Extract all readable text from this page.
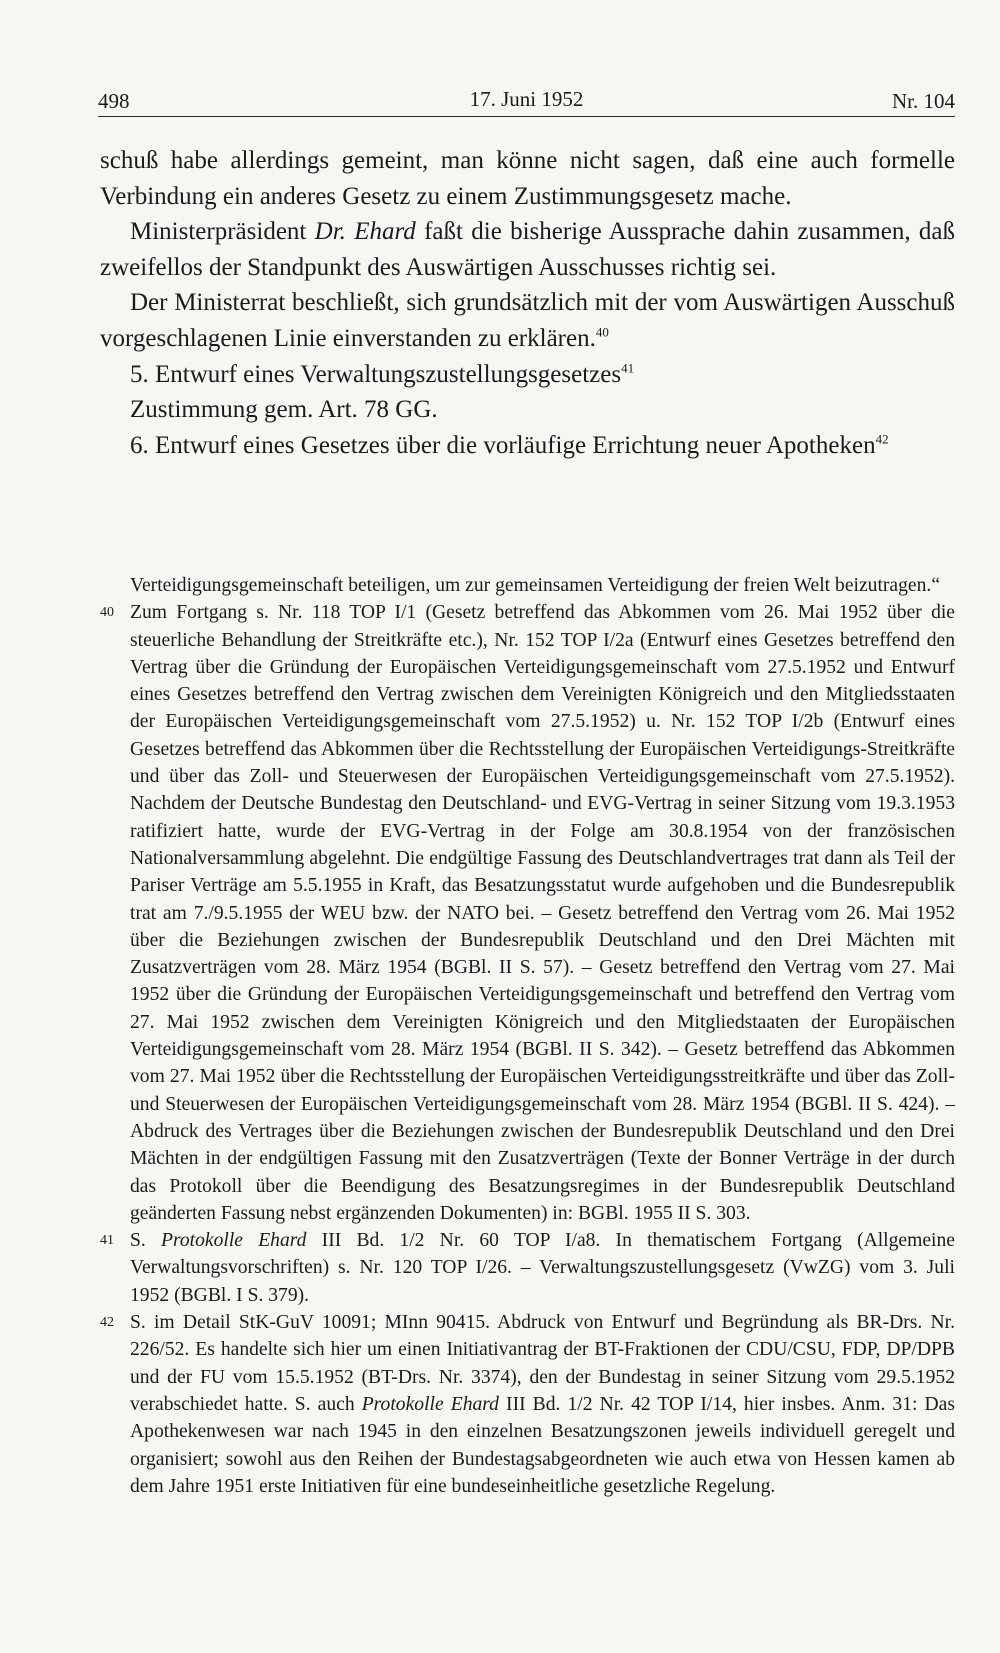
498	17. Juni 1952	Nr. 104

schuß habe allerdings gemeint, man könne nicht sagen, daß eine auch formelle Verbindung ein anderes Gesetz zu einem Zustimmungsgesetz mache.

Ministerpräsident Dr. Ehard faßt die bisherige Aussprache dahin zusammen, daß zweifellos der Standpunkt des Auswärtigen Ausschusses richtig sei.

Der Ministerrat beschließt, sich grundsätzlich mit der vom Auswärtigen Ausschuß vorgeschlagenen Linie einverstanden zu erklären.$^{40}$

5. Entwurf eines Verwaltungszustellungsgesetzes$^{41}$

Zustimmung gem. Art. 78 GG.

6. Entwurf eines Gesetzes über die vorläufige Errichtung neuer Apotheken$^{42}$

Verteidigungsgemeinschaft beteiligen, um zur gemeinsamen Verteidigung der freien Welt beizutragen.“

40 Zum Fortgang s. Nr. 118 TOP I/1 (Gesetz betreffend das Abkommen vom 26. Mai 1952 über die steuerliche Behandlung der Streitkräfte etc.), Nr. 152 TOP I/2a (Entwurf eines Gesetzes betreffend den Vertrag über die Gründung der Europäischen Verteidigungsgemeinschaft vom 27.5.1952 und Entwurf eines Gesetzes betreffend den Vertrag zwischen dem Vereinigten Königreich und den Mitgliedsstaaten der Europäischen Verteidigungsgemeinschaft vom 27.5.1952) u. Nr. 152 TOP I/2b (Entwurf eines Gesetzes betreffend das Abkommen über die Rechtsstellung der Europäischen Verteidigungs-Streitkräfte und über das Zoll- und Steuerwesen der Europäischen Verteidigungsgemeinschaft vom 27.5.1952). Nachdem der Deutsche Bundestag den Deutschland- und EVG-Vertrag in seiner Sitzung vom 19.3.1953 ratifiziert hatte, wurde der EVG-Vertrag in der Folge am 30.8.1954 von der französischen Nationalversammlung abgelehnt. Die endgültige Fassung des Deutschlandvertrages trat dann als Teil der Pariser Verträge am 5.5.1955 in Kraft, das Besatzungsstatut wurde aufgehoben und die Bundesrepublik trat am 7./9.5.1955 der WEU bzw. der NATO bei. – Gesetz betreffend den Vertrag vom 26. Mai 1952 über die Beziehungen zwischen der Bundesrepublik Deutschland und den Drei Mächten mit Zusatzverträgen vom 28. März 1954 (BGBl. II S. 57). – Gesetz betreffend den Vertrag vom 27. Mai 1952 über die Gründung der Europäischen Verteidigungsgemeinschaft und betreffend den Vertrag vom 27. Mai 1952 zwischen dem Vereinigten Königreich und den Mitgliedstaaten der Europäischen Verteidigungsgemeinschaft vom 28. März 1954 (BGBl. II S. 342). – Gesetz betreffend das Abkommen vom 27. Mai 1952 über die Rechtsstellung der Europäischen Verteidigungsstreitkräfte und über das Zoll- und Steuerwesen der Europäischen Verteidigungsgemeinschaft vom 28. März 1954 (BGBl. II S. 424). – Abdruck des Vertrages über die Beziehungen zwischen der Bundesrepublik Deutschland und den Drei Mächten in der endgültigen Fassung mit den Zusatzverträgen (Texte der Bonner Verträge in der durch das Protokoll über die Beendigung des Besatzungsregimes in der Bundesrepublik Deutschland geänderten Fassung nebst ergänzenden Dokumenten) in: BGBl. 1955 II S. 303.

41 S. Protokolle Ehard III Bd. 1/2 Nr. 60 TOP I/a8. In thematischem Fortgang (Allgemeine Verwaltungsvorschriften) s. Nr. 120 TOP I/26. – Verwaltungszustellungsgesetz (VwZG) vom 3. Juli 1952 (BGBl. I S. 379).

42 S. im Detail StK-GuV 10091; MInn 90415. Abdruck von Entwurf und Begründung als BR-Drs. Nr. 226/52. Es handelte sich hier um einen Initiativantrag der BT-Fraktionen der CDU/CSU, FDP, DP/DPB und der FU vom 15.5.1952 (BT-Drs. Nr. 3374), den der Bundestag in seiner Sitzung vom 29.5.1952 verabschiedet hatte. S. auch Protokolle Ehard III Bd. 1/2 Nr. 42 TOP I/14, hier insbes. Anm. 31: Das Apothekenwesen war nach 1945 in den einzelnen Besatzungszonen jeweils individuell geregelt und organisiert; sowohl aus den Reihen der Bundestagsabgeordneten wie auch etwa von Hessen kamen ab dem Jahre 1951 erste Initiativen für eine bundeseinheitliche gesetzliche Regelung.
